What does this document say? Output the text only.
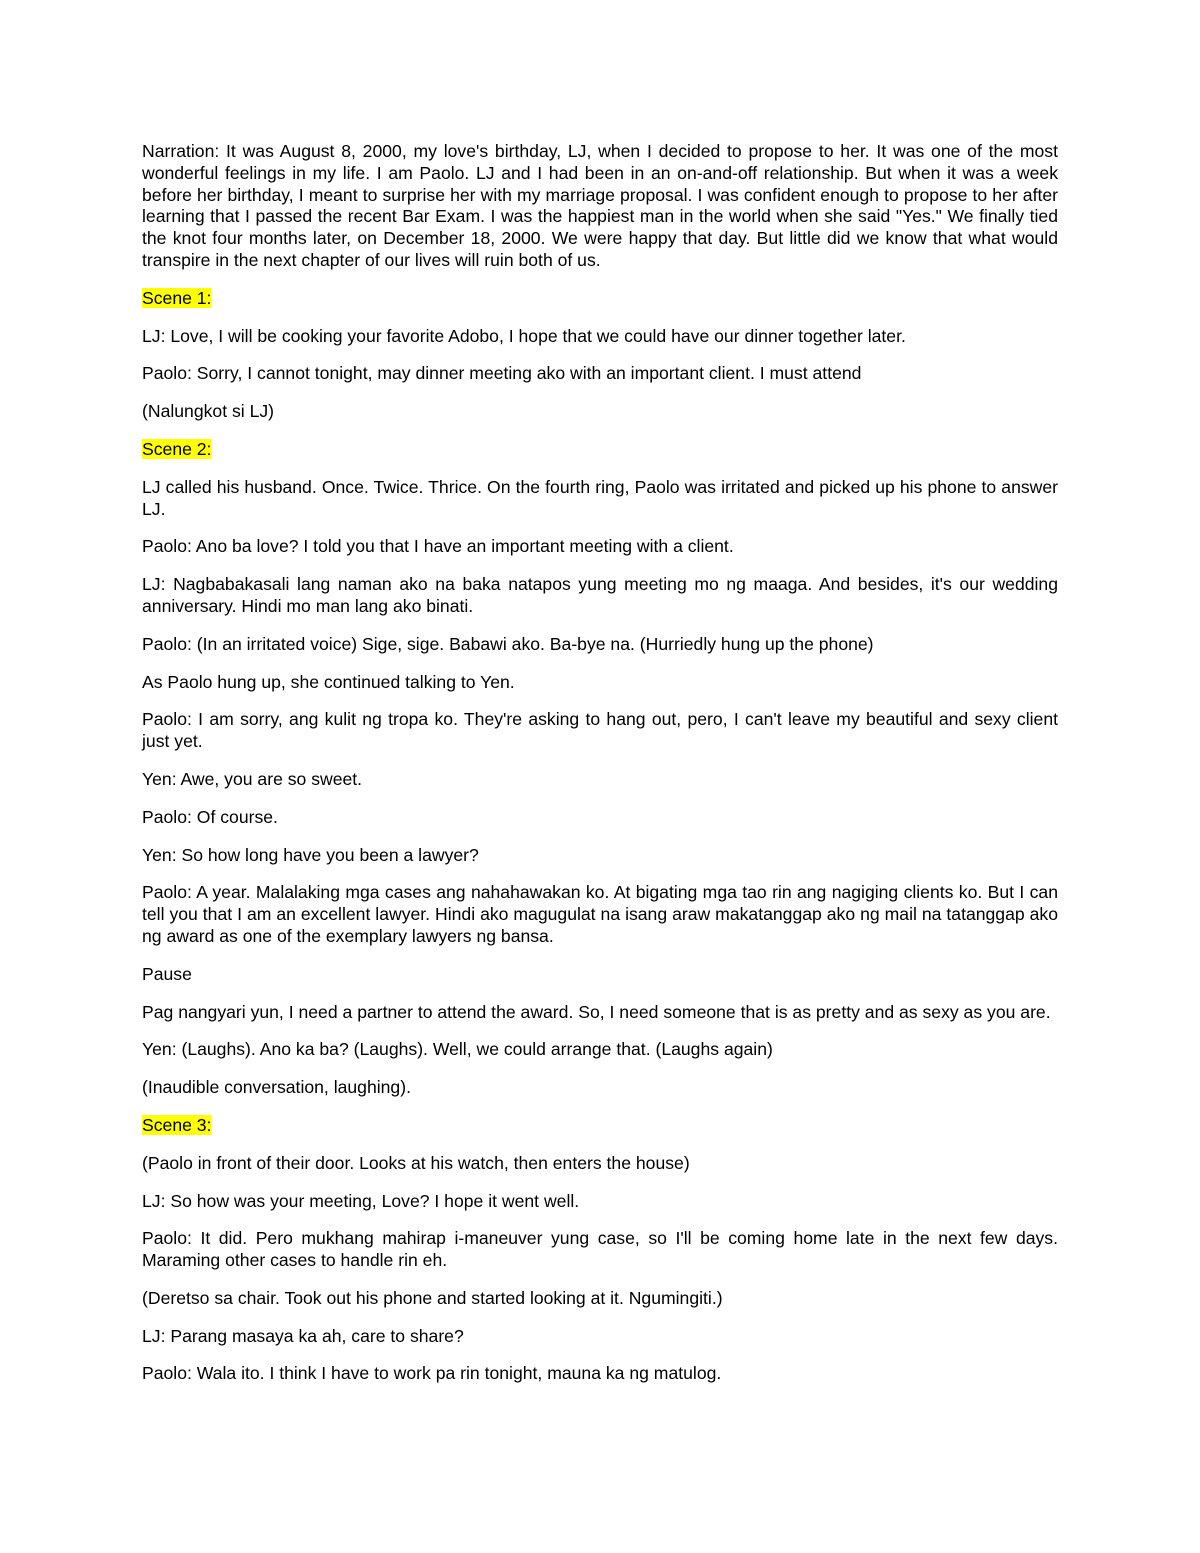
Narration: It was August 8, 2000, my love's birthday, LJ, when I decided to propose to her. It was one of the most wonderful feelings in my life. I am Paolo. LJ and I had been in an on-and-off relationship. But when it was a week before her birthday, I meant to surprise her with my marriage proposal. I was confident enough to propose to her after learning that I passed the recent Bar Exam. I was the happiest man in the world when she said "Yes." We finally tied the knot four months later, on December 18, 2000. We were happy that day. But little did we know that what would transpire in the next chapter of our lives will ruin both of us.

Scene 1:

LJ: Love, I will be cooking your favorite Adobo, I hope that we could have our dinner together later.

Paolo: Sorry, I cannot tonight, may dinner meeting ako with an important client. I must attend

(Nalungkot si LJ)

Scene 2:

LJ called his husband. Once. Twice. Thrice. On the fourth ring, Paolo was irritated and picked up his phone to answer LJ.

Paolo: Ano ba love? I told you that I have an important meeting with a client.

LJ: Nagbabakasali lang naman ako na baka natapos yung meeting mo ng maaga. And besides, it's our wedding anniversary. Hindi mo man lang ako binati.

Paolo: (In an irritated voice) Sige, sige. Babawi ako. Ba-bye na. (Hurriedly hung up the phone)

As Paolo hung up, she continued talking to Yen.

Paolo: I am sorry, ang kulit ng tropa ko. They're asking to hang out, pero, I can't leave my beautiful and sexy client just yet.

Yen: Awe, you are so sweet.

Paolo: Of course.

Yen: So how long have you been a lawyer?

Paolo: A year. Malalaking mga cases ang nahahawakan ko. At bigating mga tao rin ang nagiging clients ko. But I can tell you that I am an excellent lawyer. Hindi ako magugulat na isang araw makatanggap ako ng mail na tatanggap ako ng award as one of the exemplary lawyers ng bansa.

Pause

Pag nangyari yun, I need a partner to attend the award. So, I need someone that is as pretty and as sexy as you are.

Yen: (Laughs). Ano ka ba? (Laughs). Well, we could arrange that. (Laughs again)

(Inaudible conversation, laughing).

Scene 3:

(Paolo in front of their door. Looks at his watch, then enters the house)

LJ: So how was your meeting, Love? I hope it went well.

Paolo: It did. Pero mukhang mahirap i-maneuver yung case, so I'll be coming home late in the next few days. Maraming other cases to handle rin eh.

(Deretso sa chair. Took out his phone and started looking at it. Ngumingiti.)

LJ: Parang masaya ka ah, care to share?

Paolo: Wala ito. I think I have to work pa rin tonight, mauna ka ng matulog.
